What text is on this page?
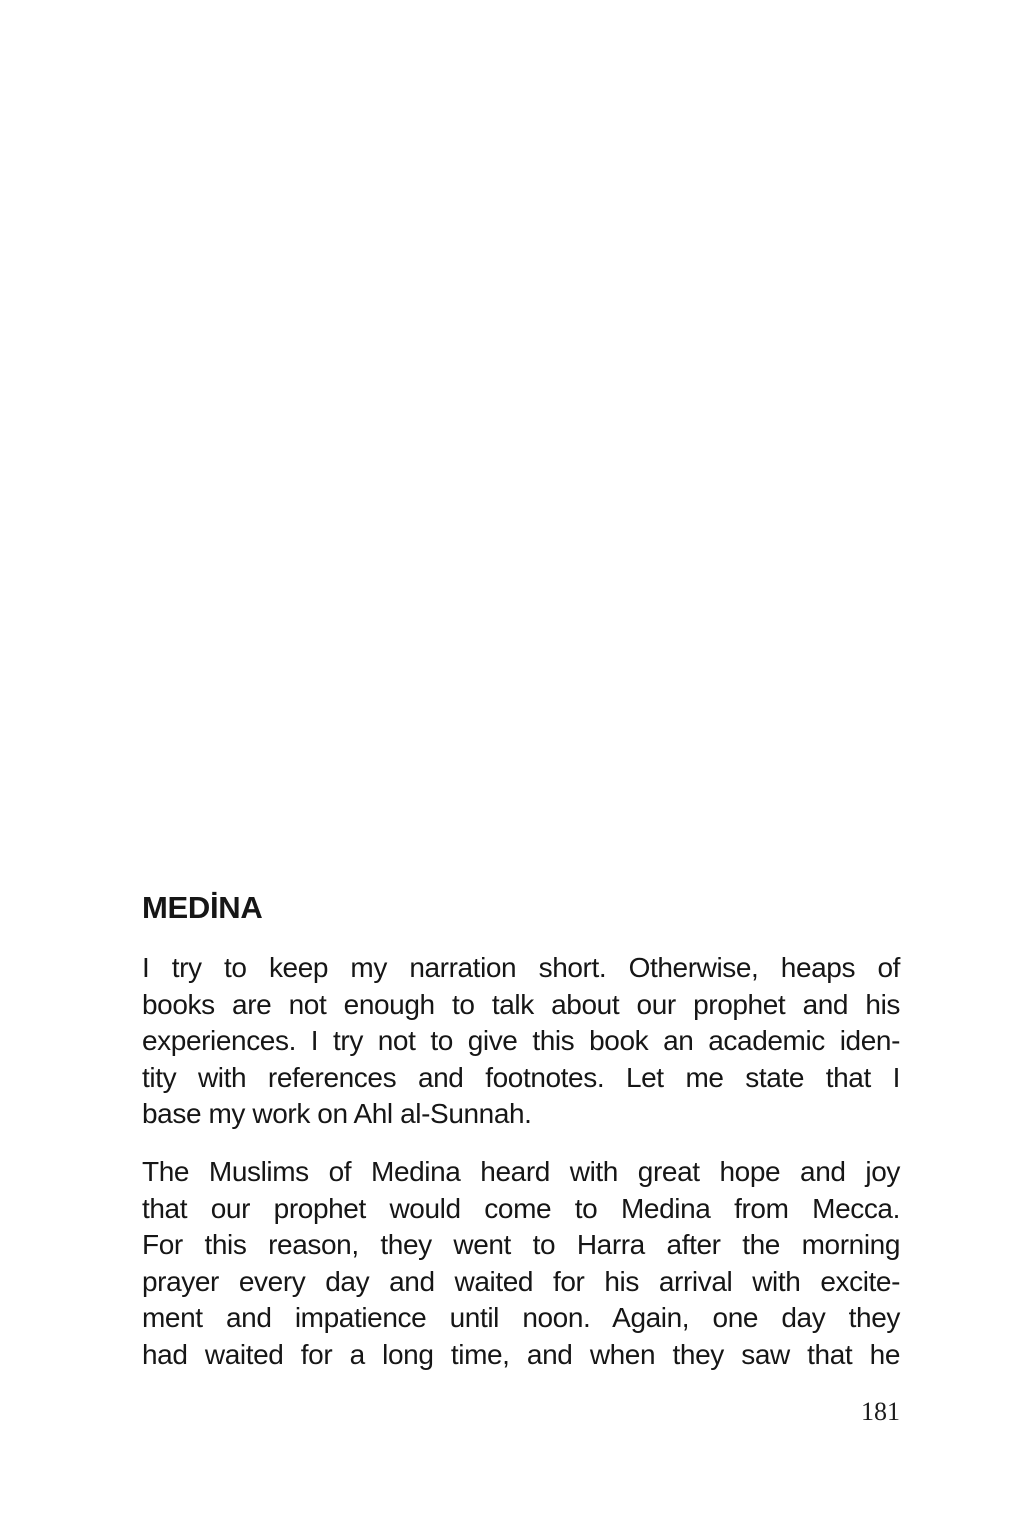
MEDİNA
I try to keep my narration short. Otherwise, heaps of
books are not enough to talk about our prophet and his
experiences. I try not to give this book an academic iden-
tity with references and footnotes. Let me state that I
base my work on Ahl al-Sunnah.
The Muslims of Medina heard with great hope and joy
that our prophet would come to Medina from Mecca.
For this reason, they went to Harra after the morning
prayer every day and waited for his arrival with excite-
ment and impatience until noon. Again, one day they
had waited for a long time, and when they saw that he
181
